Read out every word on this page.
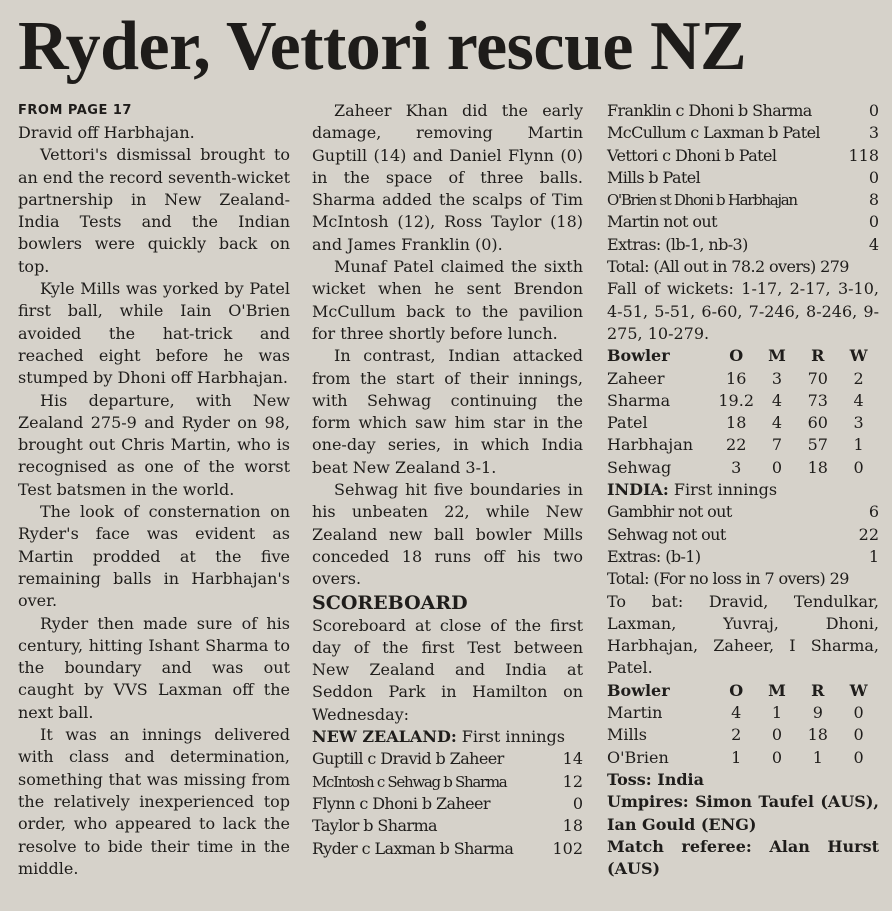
Ryder, Vettori rescue NZ
FROM PAGE 17

Dravid off Harbhajan.

Vettori's dismissal brought to an end the record seventh-wicket partnership in New Zealand-India Tests and the Indian bowlers were quickly back on top.

Kyle Mills was yorked by Patel first ball, while Iain O'Brien avoided the hat-trick and reached eight before he was stumped by Dhoni off Harbhajan.

His departure, with New Zealand 275-9 and Ryder on 98, brought out Chris Martin, who is recognised as one of the worst Test batsmen in the world.

The look of consternation on Ryder's face was evident as Martin prodded at the five remaining balls in Harbhajan's over.

Ryder then made sure of his century, hitting Ishant Sharma to the boundary and was out caught by VVS Laxman off the next ball.

It was an innings delivered with class and determination, something that was missing from the relatively inexperienced top order, who appeared to lack the resolve to bide their time in the middle.

Zaheer Khan did the early damage, removing Martin Guptill (14) and Daniel Flynn (0) in the space of three balls. Sharma added the scalps of Tim McIntosh (12), Ross Taylor (18) and James Franklin (0).

Munaf Patel claimed the sixth wicket when he sent Brendon McCullum back to the pavilion for three shortly before lunch.

In contrast, Indian attacked from the start of their innings, with Sehwag continuing the form which saw him star in the one-day series, in which India beat New Zealand 3-1.

Sehwag hit five boundaries in his unbeaten 22, while New Zealand new ball bowler Mills conceded 18 runs off his two overs.

SCOREBOARD

Scoreboard at close of the first day of the first Test between New Zealand and India at Seddon Park in Hamilton on Wednesday:

NEW ZEALAND: First innings
Guptill c Dravid b Zaheer	14
McIntosh c Sehwag b Sharma	12
Flynn c Dhoni b Zaheer	0
Taylor b Sharma	18
Ryder c Laxman b Sharma 102
Franklin c Dhoni b Sharma	0
McCullum c Laxman b Patel	3
Vettori c Dhoni b Patel	118
Mills b Patel	0
O'Brien st Dhoni b Harbhajan	8
Martin not out	0
Extras: (lb-1, nb-3)	4
Total: (All out in 78.2 overs) 279

Fall of wickets: 1-17, 2-17, 3-10, 4-51, 5-51, 6-60, 7-246, 8-246, 9-275, 10-279.

Bowler	O	M	R	W
Zaheer	16	3	70	2
Sharma	19.2	4	73	4
Patel	18	4	60	3
Harbhajan	22	7	57	1
Sehwag	3	0	18	0
INDIA: First innings
Gambhir not out	6
Sehwag not out	22
Extras: (b-1)	1
Total: (For no loss in 7 overs) 29

To bat: Dravid, Tendulkar, Laxman, Yuvraj, Dhoni, Harbhajan, Zaheer, I Sharma, Patel.

Bowler	O	M	R	W
Martin	4	1	9	0
Mills	2	0	18	0
O'Brien	1	0	1	0

Toss: India

Umpires: Simon Taufel (AUS), Ian Gould (ENG)

Match referee: Alan Hurst (AUS)
